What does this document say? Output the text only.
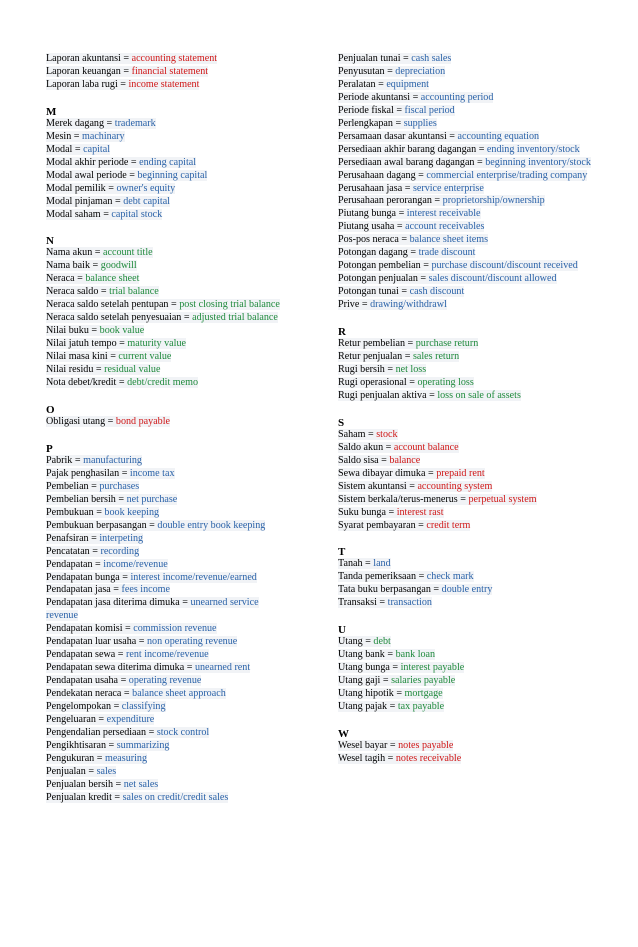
Laporan akuntansi = accounting statement
Laporan keuangan = financial statement
Laporan laba rugi = income statement
M
Merek dagang = trademark
Mesin = machinary
Modal = capital
Modal akhir periode = ending capital
Modal awal periode = beginning capital
Modal pemilik = owner's equity
Modal pinjaman = debt capital
Modal saham = capital stock
N
Nama akun = account title
Nama baik = goodwill
Neraca = balance sheet
Neraca saldo = trial balance
Neraca saldo setelah pentupan = post closing trial balance
Neraca saldo setelah penyesuaian = adjusted trial balance
Nilai buku = book value
Nilai jatuh tempo = maturity value
Nilai masa kini = current value
Nilai residu = residual value
Nota debet/kredit = debt/credit memo
O
Obligasi utang = bond payable
P
Pabrik = manufacturing
Pajak penghasilan = income tax
Pembelian = purchases
Pembelian bersih = net purchase
Pembukuan = book keeping
Pembukuan berpasangan = double entry book keeping
Penafsiran = interpeting
Pencatatan = recording
Pendapatan = income/revenue
Pendapatan bunga = interest income/revenue/earned
Pendapatan jasa = fees income
Pendapatan jasa diterima dimuka = unearned service revenue
Pendapatan komisi = commission revenue
Pendapatan luar usaha = non operating revenue
Pendapatan sewa = rent income/revenue
Pendapatan sewa diterima dimuka = unearned rent
Pendapatan usaha = operating revenue
Pendekatan neraca = balance sheet approach
Pengelompokan = classifying
Pengeluaran = expenditure
Pengendalian persediaan = stock control
Pengikhtisaran = summarizing
Pengukuran = measuring
Penjualan = sales
Penjualan bersih = net sales
Penjualan kredit = sales on credit/credit sales
Penjualan tunai = cash sales
Penyusutan = depreciation
Peralatan = equipment
Periode akuntansi = accounting period
Periode fiskal = fiscal period
Perlengkapan = supplies
Persamaan dasar akuntansi = accounting equation
Persediaan akhir barang dagangan = ending inventory/stock
Persediaan awal barang dagangan = beginning inventory/stock
Perusahaan dagang = commercial enterprise/trading company
Perusahaan jasa = service enterprise
Perusahaan perorangan = proprietorship/ownership
Piutang bunga = interest receivable
Piutang usaha = account receivables
Pos-pos neraca = balance sheet items
Potongan dagang = trade discount
Potongan pembelian = purchase discount/discount received
Potongan penjualan = sales discount/discount allowed
Potongan tunai = cash discount
Prive = drawing/withdrawl
R
Retur pembelian = purchase return
Retur penjualan = sales return
Rugi bersih = net loss
Rugi operasional = operating loss
Rugi penjualan aktiva = loss on sale of assets
S
Saham = stock
Saldo akun = account balance
Saldo sisa = balance
Sewa dibayar dimuka = prepaid rent
Sistem akuntansi = accounting system
Sistem berkala/terus-menerus = perpetual system
Suku bunga = interest rast
Syarat pembayaran = credit term
T
Tanah = land
Tanda pemeriksaan = check mark
Tata buku berpasangan = double entry
Transaksi = transaction
U
Utang = debt
Utang bank = bank loan
Utang bunga = interest payable
Utang gaji = salaries payable
Utang hipotik = mortgage
Utang pajak = tax payable
W
Wesel bayar = notes payable
Wesel tagih = notes receivable
